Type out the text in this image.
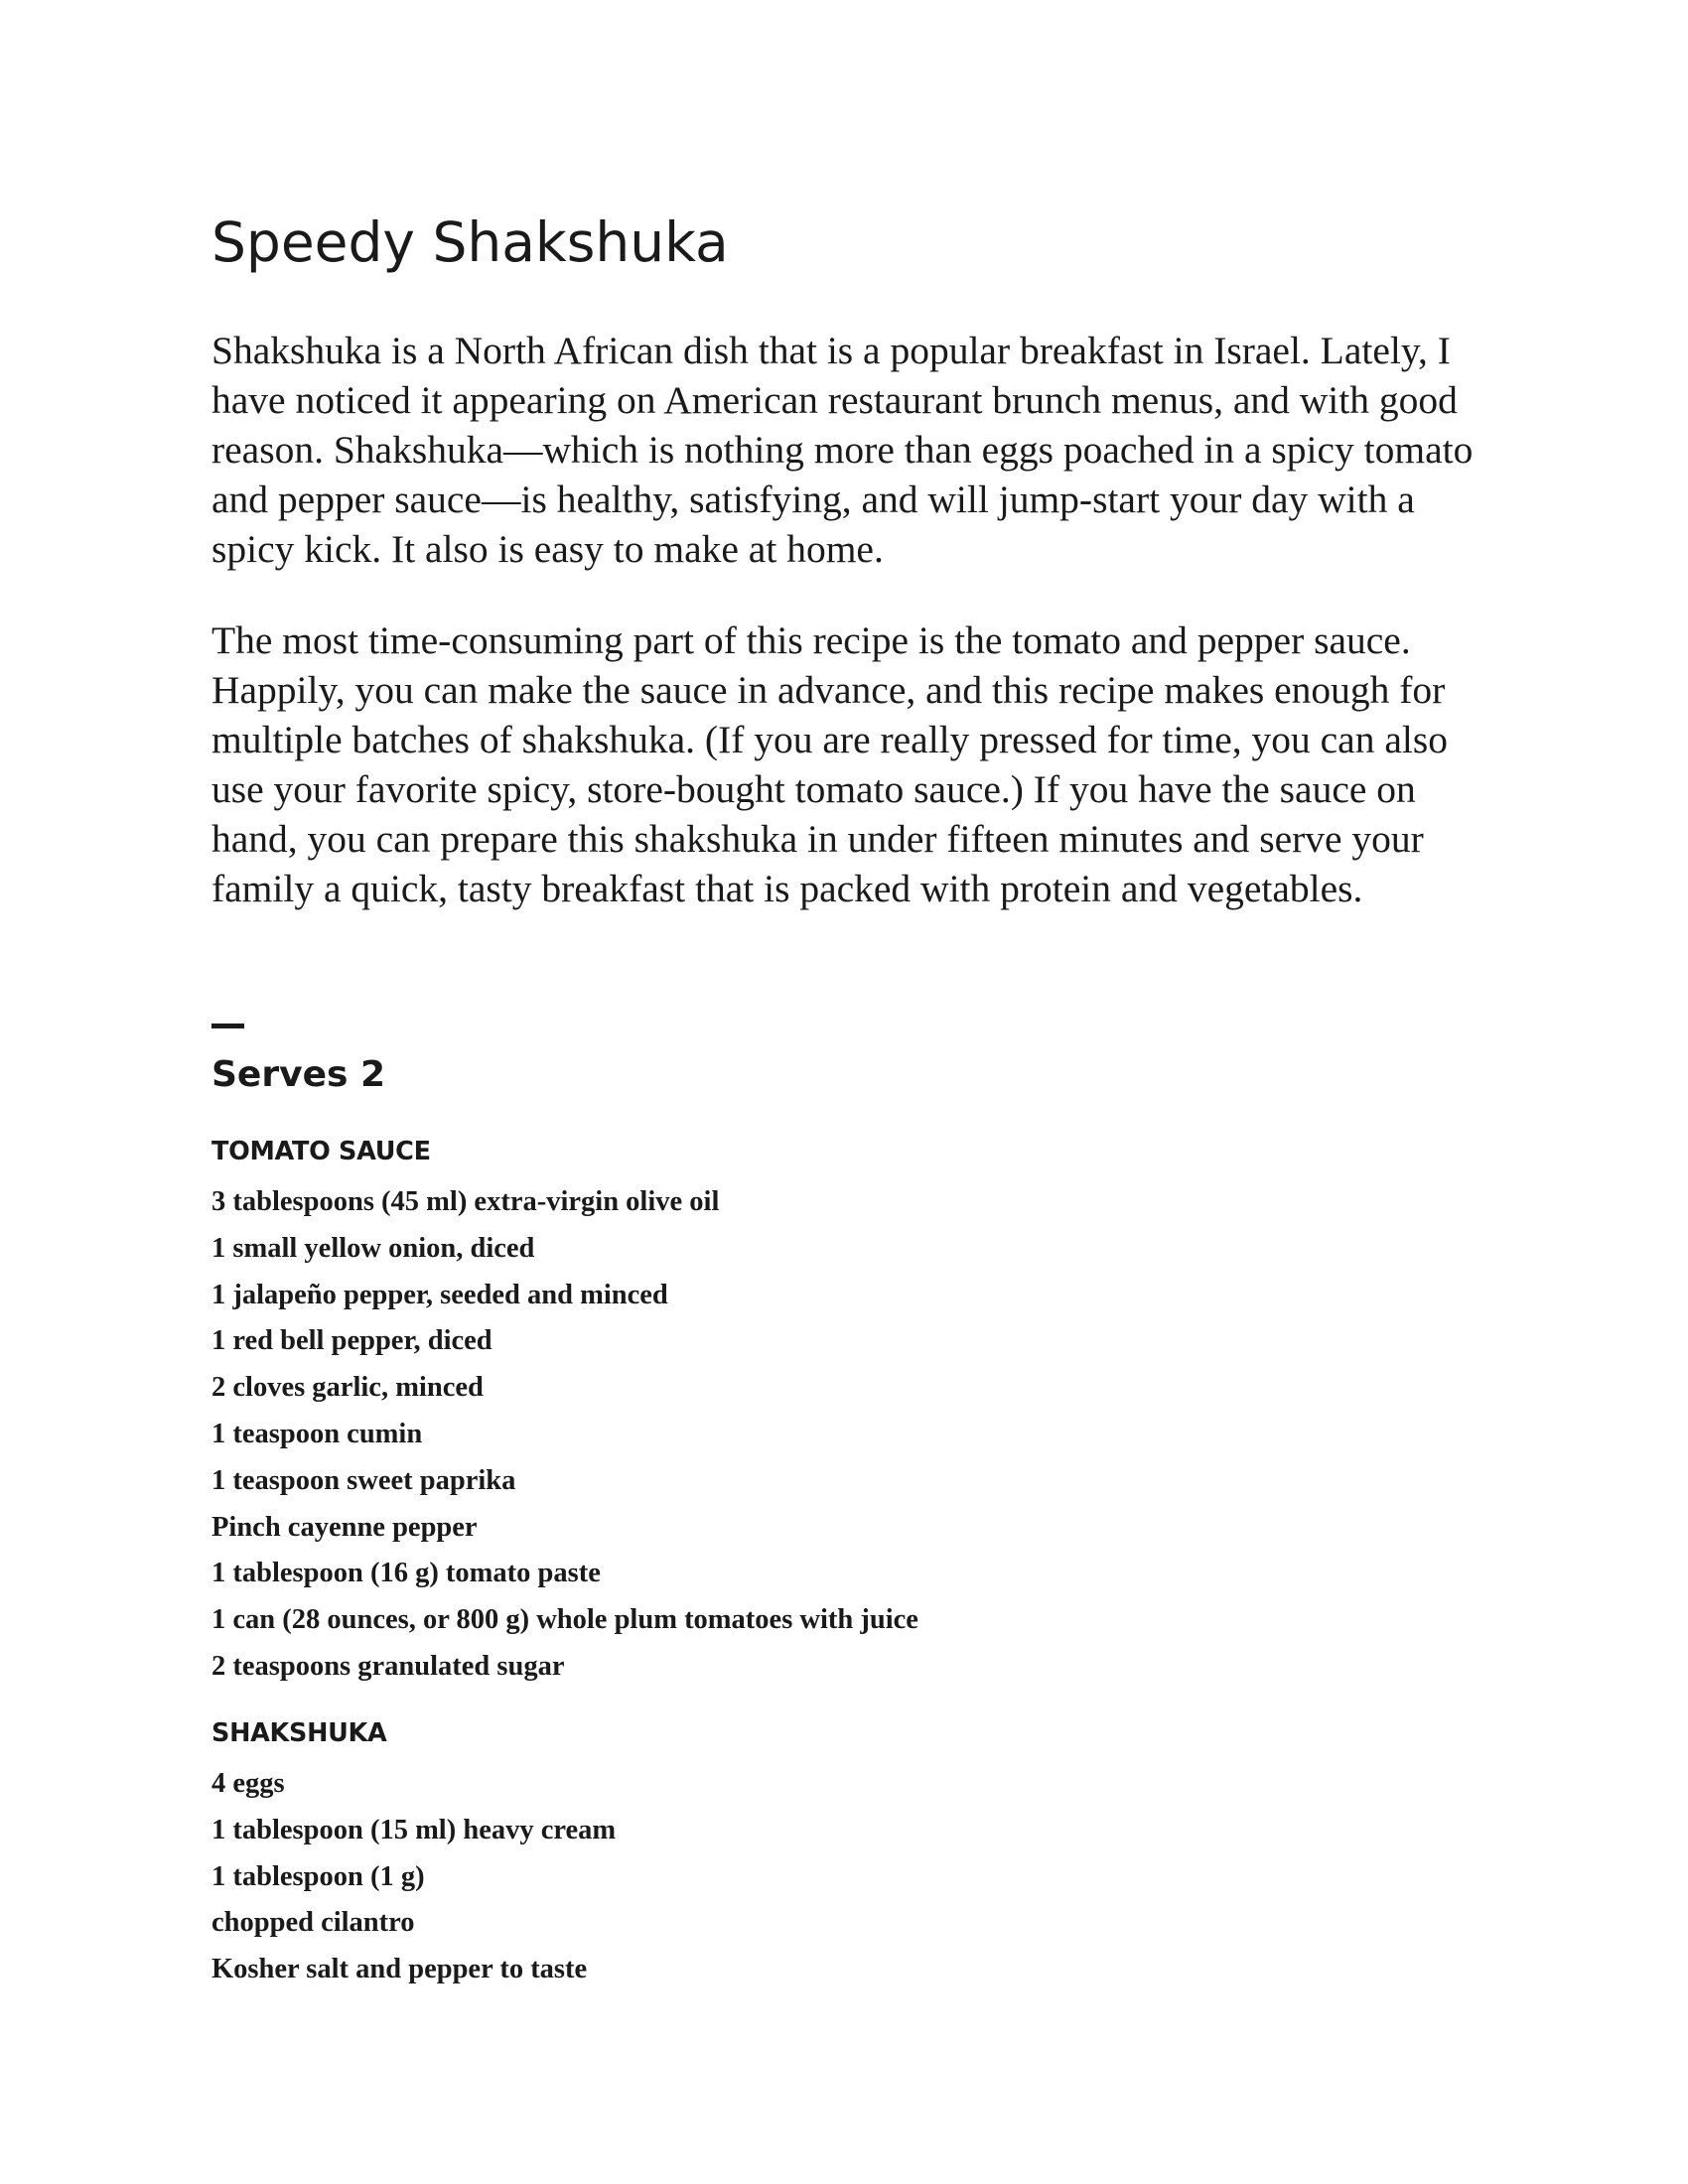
Speedy Shakshuka

Shakshuka is a North African dish that is a popular breakfast in Israel. Lately, I have noticed it appearing on American restaurant brunch menus, and with good reason. Shakshuka—which is nothing more than eggs poached in a spicy tomato and pepper sauce—is healthy, satisfying, and will jump-start your day with a spicy kick. It also is easy to make at home.

The most time-consuming part of this recipe is the tomato and pepper sauce. Happily, you can make the sauce in advance, and this recipe makes enough for multiple batches of shakshuka. (If you are really pressed for time, you can also use your favorite spicy, store-bought tomato sauce.) If you have the sauce on hand, you can prepare this shakshuka in under fifteen minutes and serve your family a quick, tasty breakfast that is packed with protein and vegetables.

Serves 2
TOMATO SAUCE
3 tablespoons (45 ml) extra-virgin olive oil
1 small yellow onion, diced
1 jalapeño pepper, seeded and minced
1 red bell pepper, diced
2 cloves garlic, minced
1 teaspoon cumin
1 teaspoon sweet paprika
Pinch cayenne pepper
1 tablespoon (16 g) tomato paste
1 can (28 ounces, or 800 g) whole plum tomatoes with juice
2 teaspoons granulated sugar
SHAKSHUKA
4 eggs
1 tablespoon (15 ml) heavy cream
1 tablespoon (1 g)
chopped cilantro
Kosher salt and pepper to taste
